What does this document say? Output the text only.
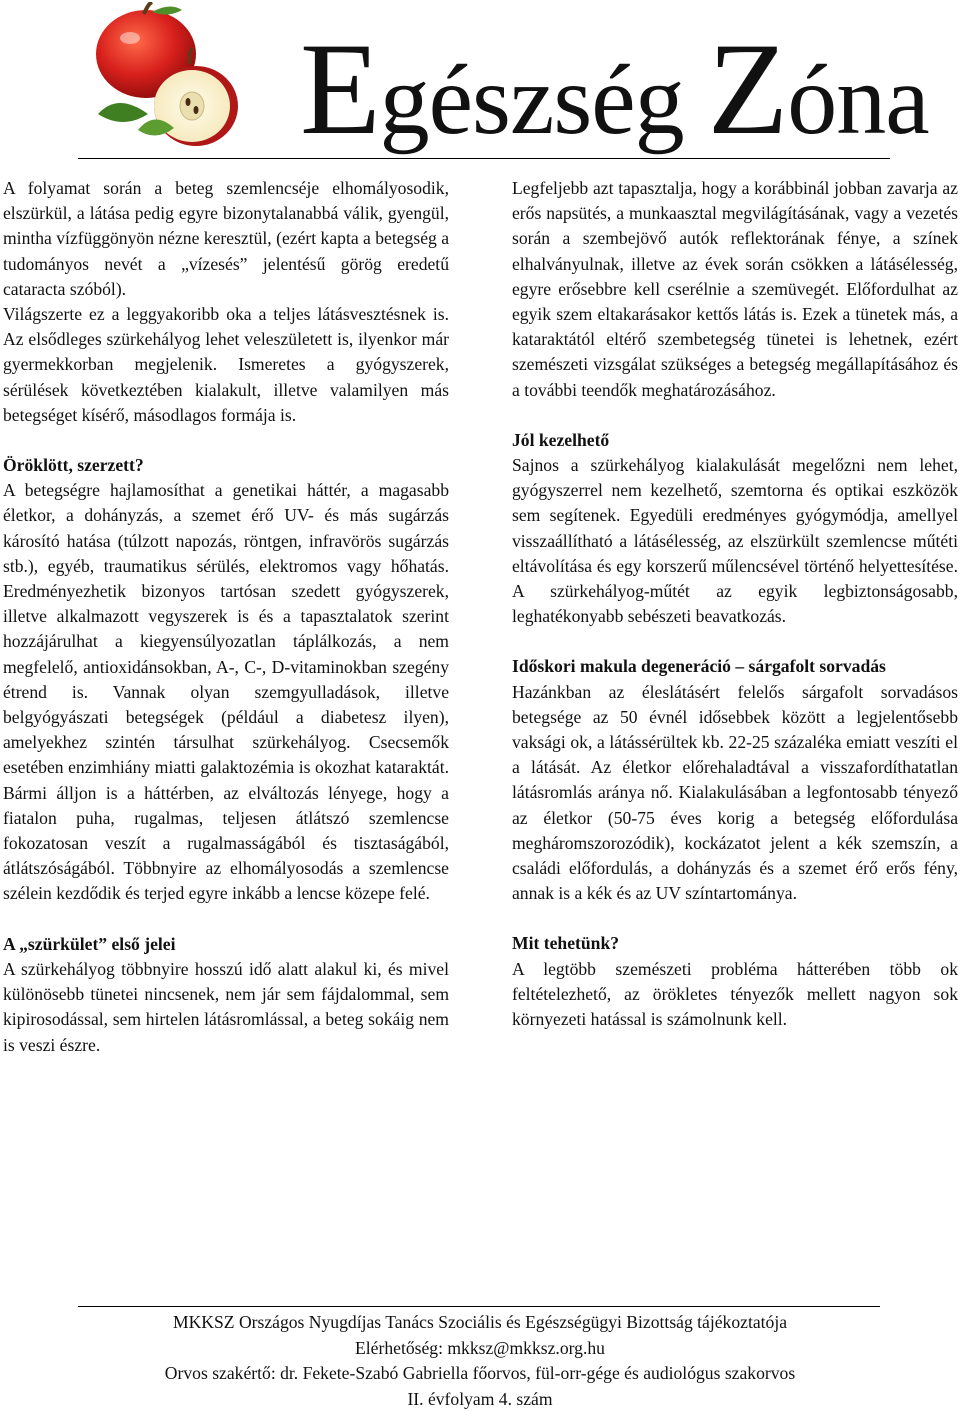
Egészség Zóna

A folyamat során a beteg szemlencséje elhomályosodik, elszürkül, a látása pedig egyre bizonytalanabbá válik, gyengül, mintha vízfüggönyön nézne keresztül, (ezért kapta a betegség a tudományos nevét a „vízesés” jelentésű görög eredetű cataracta szóból).

Világszerte ez a leggyakoribb oka a teljes látásvesztésnek is. Az elsődleges szürkehályog lehet veleszületett is, ilyenkor már gyermekkorban megjelenik. Ismeretes a gyógyszerek, sérülések következtében kialakult, illetve valamilyen más betegséget kísérő, másodlagos formája is.

Öröklött, szerzett?

A betegségre hajlamosíthat a genetikai háttér, a magasabb életkor, a dohányzás, a szemet érő UV- és más sugárzás károsító hatása (túlzott napozás, röntgen, infravörös sugárzás stb.), egyéb, traumatikus sérülés, elektromos vagy hőhatás. Eredményezhetik bizonyos tartósan szedett gyógyszerek, illetve alkalmazott vegyszerek is és a tapasztalatok szerint hozzájárulhat a kiegyensúlyozatlan táplálkozás, a nem megfelelő, antioxidánsokban, A-, C-, D-vitaminokban szegény étrend is. Vannak olyan szemgyulladások, illetve belgyógyászati betegségek (például a diabetesz ilyen), amelyekhez szintén társulhat szürkehályog. Csecsemők esetében enzimhiány miatti galaktozémia is okozhat kataraktát. Bármi álljon is a háttérben, az elváltozás lényege, hogy a fiatalon puha, rugalmas, teljesen átlátszó szemlencse fokozatosan veszít a rugalmasságából és tisztaságából, átlátszóságából. Többnyire az elhomályosodás a szemlencse szélein kezdődik és terjed egyre inkább a lencse közepe felé.

A „szürkület” első jelei

A szürkehályog többnyire hosszú idő alatt alakul ki, és mivel különösebb tünetei nincsenek, nem jár sem fájdalommal, sem kipirosodással, sem hirtelen látásromlással, a beteg sokáig nem is veszi észre.

Legfeljebb azt tapasztalja, hogy a korábbinál jobban zavarja az erős napsütés, a munkaasztal megvilágításának, vagy a vezetés során a szembejövő autók reflektorának fénye, a színek elhalványulnak, illetve az évek során csökken a látásélesség, egyre erősebbre kell cserélnie a szemüvegét. Előfordulhat az egyik szem eltakarásakor kettős látás is. Ezek a tünetek más, a kataraktától eltérő szembetegség tünetei is lehetnek, ezért szemészeti vizsgálat szükséges a betegség megállapításához és a további teendők meghatározásához.

Jól kezelhető

Sajnos a szürkehályog kialakulását megelőzni nem lehet, gyógyszerrel nem kezelhető, szemtorna és optikai eszközök sem segítenek. Egyedüli eredményes gyógymódja, amellyel visszaállítható a látásélesség, az elszürkült szemlencse műtéti eltávolítása és egy korszerű műlencsével történő helyettesítése. A szürkehályog-műtét az egyik legbiztonságosabb, leghatékonyabb sebészeti beavatkozás.

Időskori makula degeneráció – sárgafolt sorvadás

Hazánkban az éleslátásért felelős sárgafolt sorvadásos betegsége az 50 évnél idősebbek között a legjelentősebb vaksági ok, a látássérültek kb. 22-25 százaléka emiatt veszíti el a látását. Az életkor előrehaladtával a visszafordíthatatlan látásromlás aránya nő. Kialakulásában a legfontosabb tényező az életkor (50-75 éves korig a betegség előfordulása megháromszorozódik), kockázatot jelent a kék szemszín, a családi előfordulás, a dohányzás és a szemet érő erős fény, annak is a kék és az UV színtartománya.

Mit tehetünk?

A legtöbb szemészeti probléma hátterében több ok feltételezhető, az örökletes tényezők mellett nagyon sok környezeti hatással is számolnunk kell.

MKKSZ Országos Nyugdíjas Tanács Szociális és Egészségügyi Bizottság tájékoztatója
Elérhetőség: mkksz@mkksz.org.hu
Orvos szakértő: dr. Fekete-Szabó Gabriella főorvos, fül-orr-gége és audiológus szakorvos
II. évfolyam 4. szám
